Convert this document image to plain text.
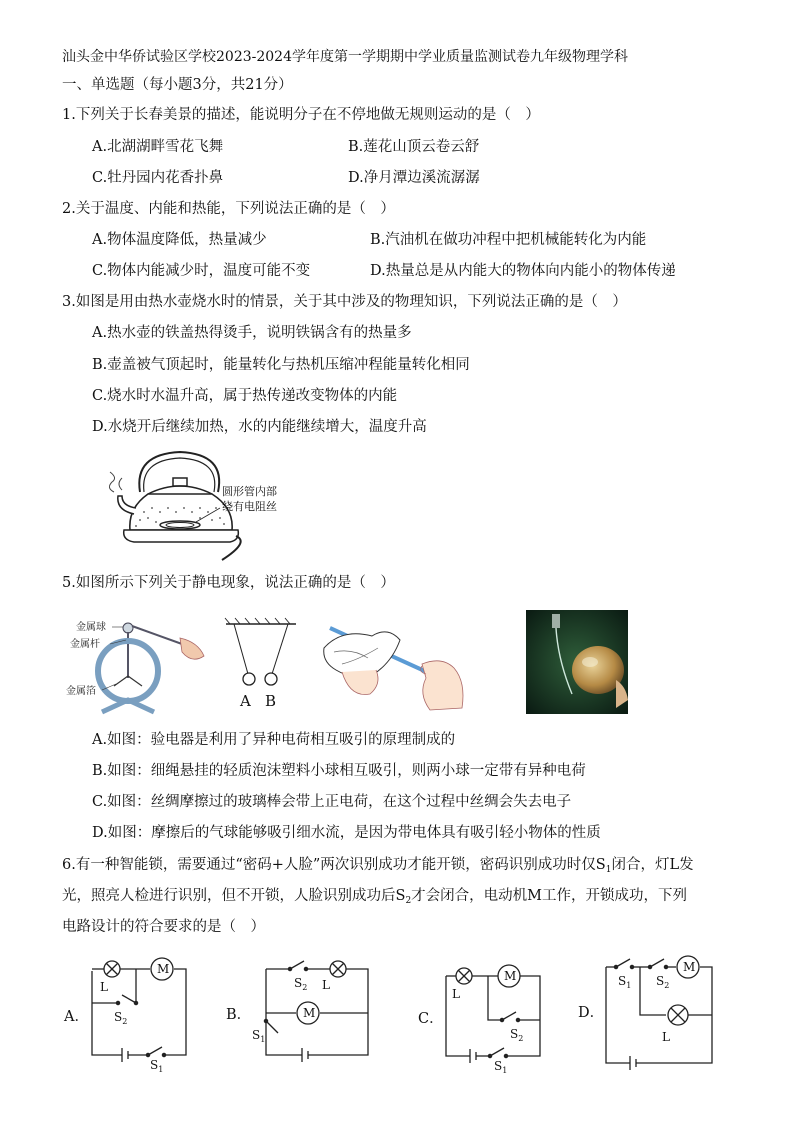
汕头金中华侨试验区学校2023-2024学年度第一学期期中学业质量监测试卷九年级物理学科
一、单选题（每小题3分，共21分）
1.下列关于长春美景的描述，能说明分子在不停地做无规则运动的是（　）
A.北湖湖畔雪花飞舞	B.莲花山顶云卷云舒
C.牡丹园内花香扑鼻	D.净月潭边溪流潺潺
2.关于温度、内能和热能，下列说法正确的是（　）
A.物体温度降低，热量减少	B.汽油机在做功冲程中把机械能转化为内能
C.物体内能减少时，温度可能不变	D.热量总是从内能大的物体向内能小的物体传递
3.如图是用由热水壶烧水时的情景，关于其中涉及的物理知识，下列说法正确的是（　）
A.热水壶的铁盖热得烫手，说明铁锅含有的热量多
B.壶盖被气顶起时，能量转化与热机压缩冲程能量转化相同
C.烧水时水温升高，属于热传递改变物体的内能
D.水烧开后继续加热，水的内能继续增大，温度升高
圆形管内部
绕有电阻丝
5.如图所示下列关于静电现象，说法正确的是（　）
金属球
金属杆
金属箔
A B
A.如图：验电器是利用了异种电荷相互吸引的原理制成的
B.如图：细绳悬挂的轻质泡沫塑料小球相互吸引，则两小球一定带有异种电荷
C.如图：丝绸摩擦过的玻璃棒会带上正电荷，在这个过程中丝绸会失去电子
D.如图：摩擦后的气球能够吸引细水流，是因为带电体具有吸引轻小物体的性质
6.有一种智能锁，需要通过“密码+人脸”两次识别成功才能开锁，密码识别成功时仅$S_1$闭合，灯L发
光，照亮人检进行识别，但不开锁，人脸识别成功后$S_2$才会闭合，电动机M工作，开锁成功，下列
电路设计的符合要求的是（　）
A．
M
L
$S_2$
$S_1$
B．	M
L
$S_2$
$S_1$
C．
M
L
$S_2$
$S_1$
D．
M
L
$S_1$ $S_2$
